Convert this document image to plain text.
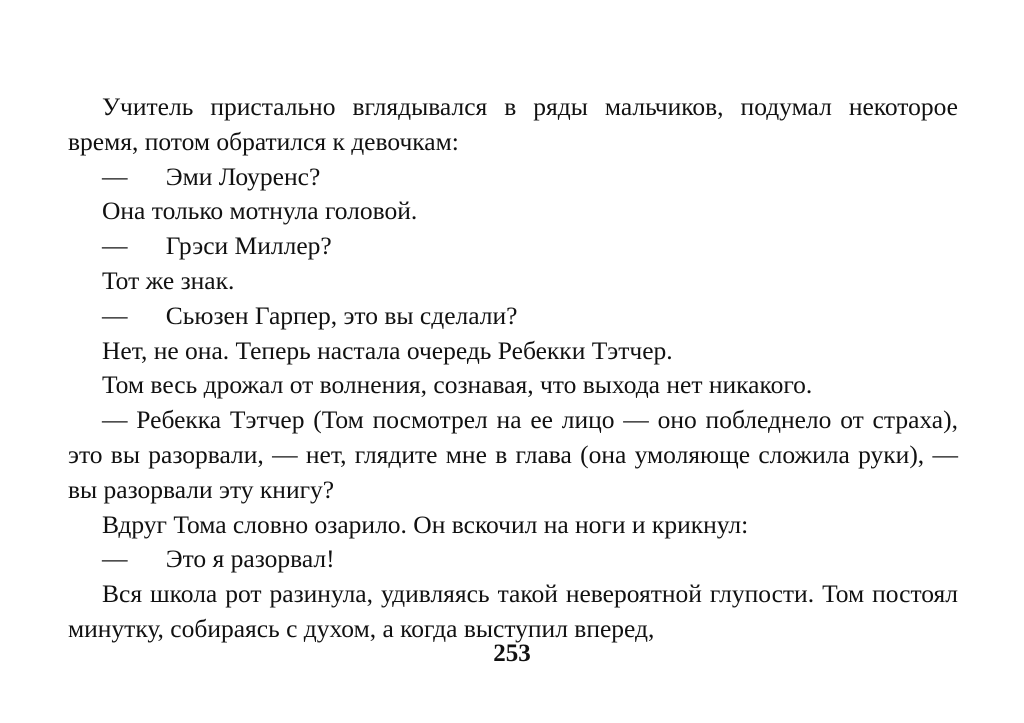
Учитель пристально вглядывался в ряды мальчиков, подумал некоторое время, потом обратился к девочкам:

—      Эми Лоуренс?

Она только мотнула головой.

—      Грэси Миллер?

Тот же знак.

—      Сьюзен Гарпер, это вы сделали?

Нет, не она. Теперь настала очередь Ребекки Тэтчер.

Том весь дрожал от волнения, сознавая, что выхода нет никакого.

— Ребекка Тэтчер (Том посмотрел на ее лицо — оно побледнело от страха), это вы разорвали, — нет, глядите мне в глава (она умоляюще сложила руки), — вы разорвали эту книгу?

Вдруг Тома словно озарило. Он вскочил на ноги и крикнул:

—      Это я разорвал!

Вся школа рот разинула, удивляясь такой невероятной глупости. Том постоял минутку, собираясь с духом, а когда выступил вперед,

253
